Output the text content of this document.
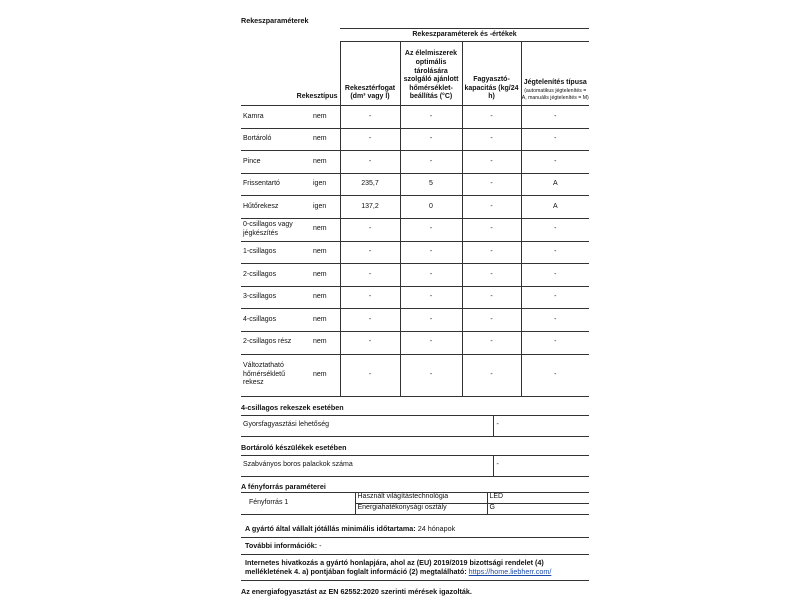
Rekeszparaméterek
		Rekeszparaméterek és -értékek			
Rekesztípus		Rekesztérfogat (dm³ vagy l)	Az élelmiszerek optimális tárolására szolgáló ajánlott hőmérséklet-beállítás (°C)	Fagyasztó-kapacitás (kg/24 h)	Jégtelenítés típusa
(automatikus jégtelenítés = A, manuális jégtelenítés = M)

Kamra	nem	-	-	-	-
Bortároló	nem	-	-	-	-
Pince	nem	-	-	-	-
Frissentartó	igen	235,7	5	-	A
Hűtőrekesz	igen	137,2	0	-	A
0-csillagos vagy jégkészítés	nem	-	-	-	-
1-csillagos	nem	-	-	-	-
2-csillagos	nem	-	-	-	-
3-csillagos	nem	-	-	-	-
4-csillagos	nem	-	-	-	-
2-csillagos rész	nem	-	-	-	-
Változtatható hőmérsékletű rekesz	nem	-	-	-	-
4-csillagos rekeszek esetében
Gyorsfagyasztási lehetőség	-
Bortároló készülékek esetében
Szabványos boros palackok száma	-
A fényforrás paraméterei
Fényforrás 1	Használt világítástechnológia	LED
	Energiahatékonysági osztály	G
A gyártó által vállalt jótállás minimális időtartama: 24 hónapok
További információk: -
Internetes hivatkozás a gyártó honlapjára, ahol az (EU) 2019/2019 bizottsági rendelet (4) mellékletének 4. a) pontjában foglalt információ (2) megtalálható: https://home.liebherr.com/
Az energiafogyasztást az EN 62552:2020 szerinti mérések igazolták.
